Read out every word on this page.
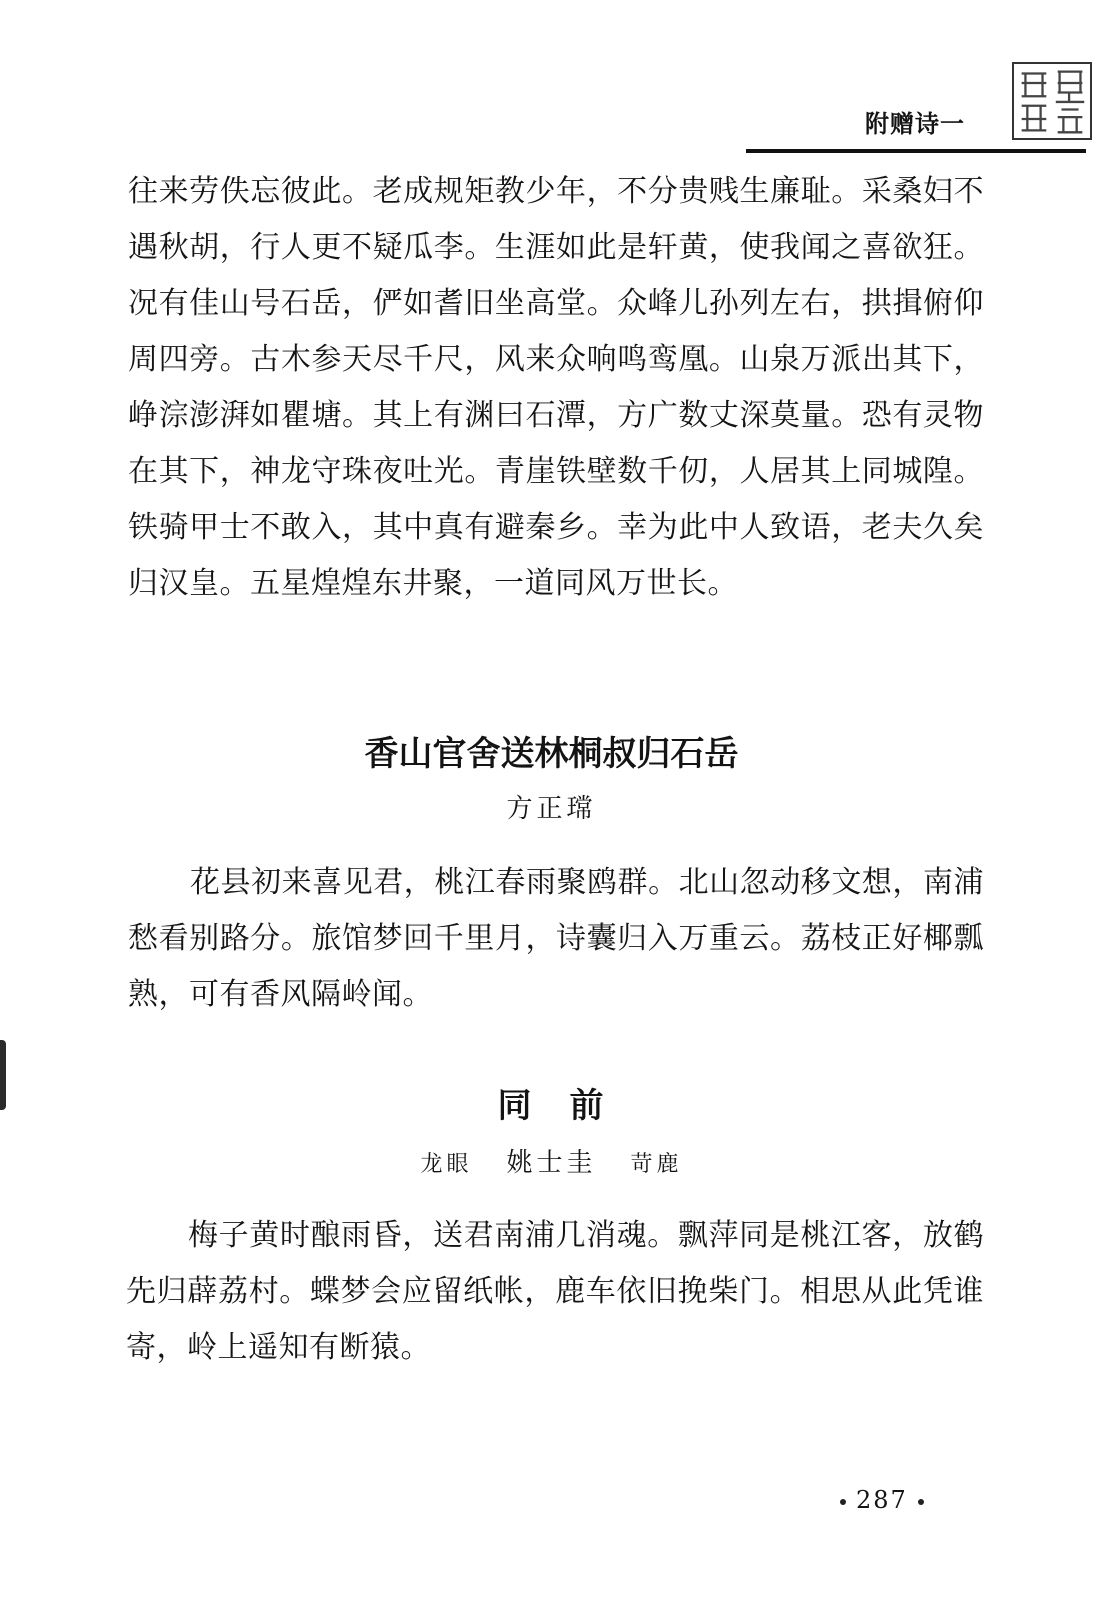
附赠诗一

往来劳佚忘彼此。老成规矩教少年，不分贵贱生廉耻。采桑妇不遇秋胡，行人更不疑瓜李。生涯如此是轩黄，使我闻之喜欲狂。况有佳山号石岳，俨如耆旧坐高堂。众峰儿孙列左右，拱揖俯仰周四旁。古木参天尽千尺，风来众响鸣鸾凰。山泉万派出其下，峥淙澎湃如瞿塘。其上有渊曰石潭，方广数丈深莫量。恐有灵物在其下，神龙守珠夜吐光。青崖铁壁数千仞，人居其上同城隍。铁骑甲士不敢入，其中真有避秦乡。幸为此中人致语，老夫久矣归汉皇。五星煌煌东井聚，一道同风万世长。

香山官舍送林桐叔归石岳
方正瑺

花县初来喜见君，桃江春雨聚鸥群。北山忽动移文想，南浦愁看别路分。旅馆梦回千里月，诗囊归入万重云。荔枝正好椰瓢熟，可有香风隔岭闻。

同　前
龙眼 姚士圭 苛鹿

梅子黄时酿雨昏，送君南浦几消魂。飘萍同是桃江客，放鹤先归薜荔村。蝶梦会应留纸帐，鹿车依旧挽柴门。相思从此凭谁寄，岭上遥知有断猿。

287
